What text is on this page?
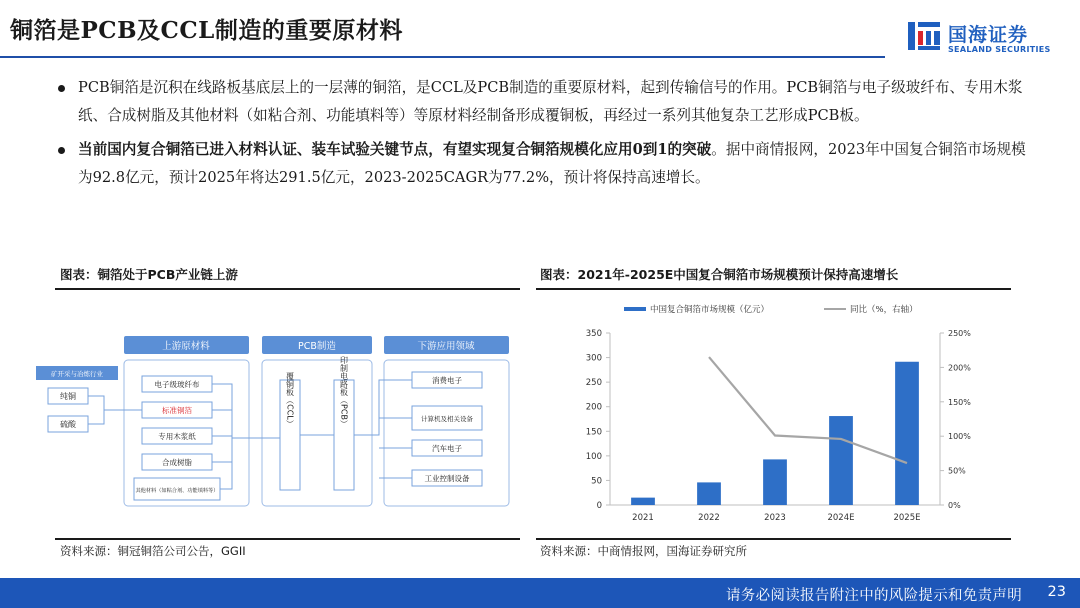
铜箔是PCB及CCL制造的重要原材料	国海证券
SEALAND SECURITIES
PCB铜箔是沉积在线路板基底层上的一层薄的铜箔，是CCL及PCB制造的重要原材料，起到传输信号的作用。PCB铜箔与电子级玻纤布、专用木浆纸、合成树脂及其他材料（如粘合剂、功能填料等）等原材料经制备形成覆铜板，再经过一系列其他复杂工艺形成PCB板。
当前国内复合铜箔已进入材料认证、装车试验关键节点，有望实现复合铜箔规模化应用0到1的突破。据中商情报网，2023年中国复合铜箔市场规模为92.8亿元，预计2025年将达291.5亿元，2023-2025CAGR为77.2%，预计将保持高速增长。
图表：铜箔处于PCB产业链上游
上游原材料	PCB制造	下游应用领域
矿开采与冶炼行业
纯铜
硫酸
电子级玻纤布
标准铜箔
专用木浆纸
合成树脂
其他材料（如粘合剂、功能填料等）
覆铜板（CCL）	印制电路板（PCB）	消费电子
计算机及相关设备
汽车电子
工业控制设备
资料来源：铜冠铜箔公司公告，GGII
图表：2021年-2025E中国复合铜箔市场规模预计保持高速增长
中国复合铜箔市场规模（亿元）	同比（%，右轴）
0
50
100
150
200
250
300
350
0%
50%
100%
150%
200%
250%
2021	2022	2023	2024E	2025E
资料来源：中商情报网，国海证券研究所
请务必阅读报告附注中的风险提示和免责声明 23
